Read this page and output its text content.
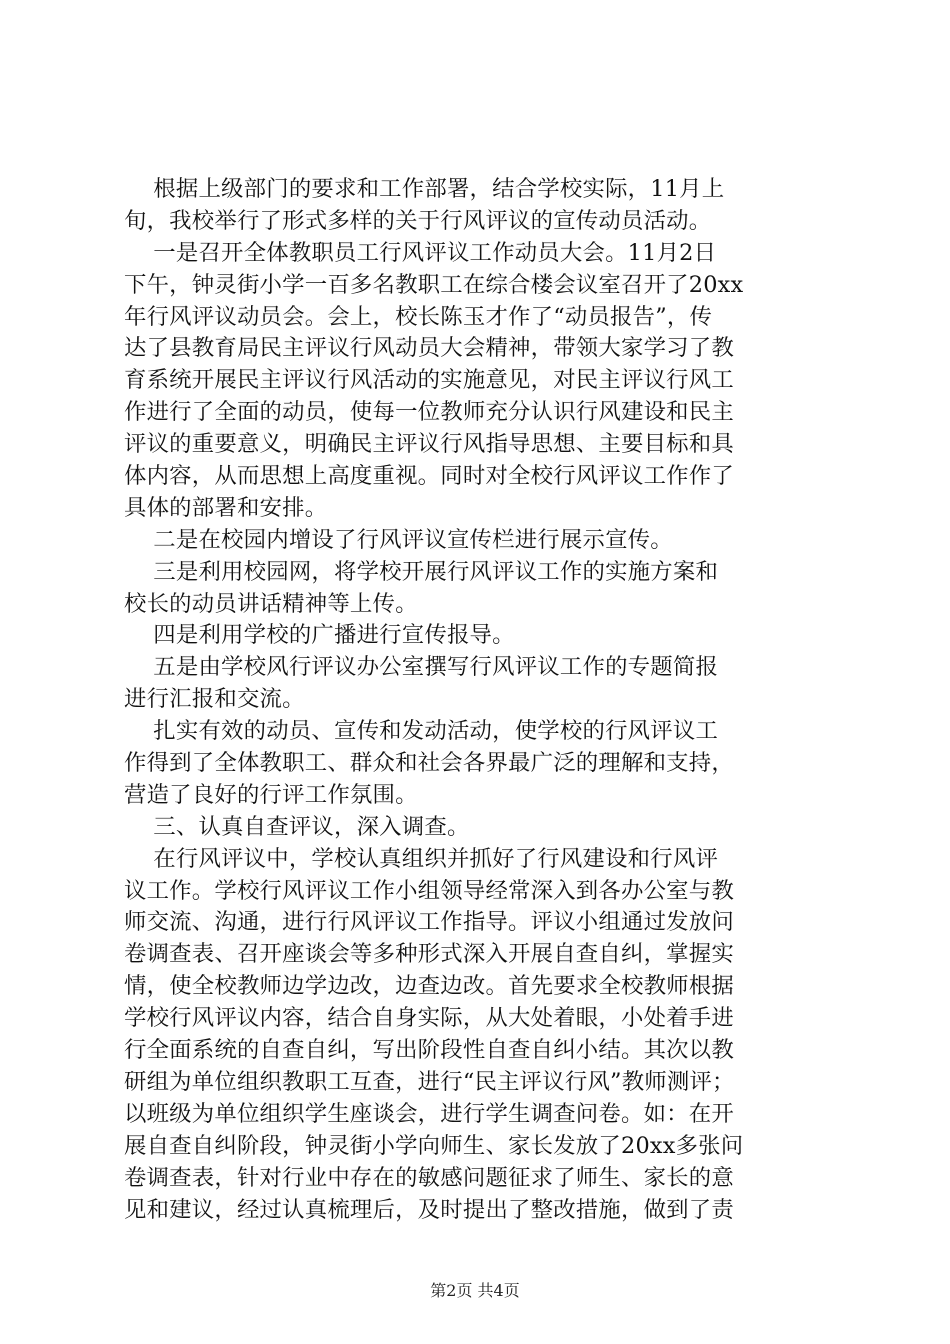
根据上级部门的要求和工作部署，结合学校实际，11月上
旬，我校举行了形式多样的关于行风评议的宣传动员活动。
一是召开全体教职员工行风评议工作动员大会。11月2日
下午，钟灵街小学一百多名教职工在综合楼会议室召开了20xx
年行风评议动员会。会上，校长陈玉才作了“动员报告”，传
达了县教育局民主评议行风动员大会精神，带领大家学习了教
育系统开展民主评议行风活动的实施意见，对民主评议行风工
作进行了全面的动员，使每一位教师充分认识行风建设和民主
评议的重要意义，明确民主评议行风指导思想、主要目标和具
体内容，从而思想上高度重视。同时对全校行风评议工作作了
具体的部署和安排。
二是在校园内增设了行风评议宣传栏进行展示宣传。
三是利用校园网，将学校开展行风评议工作的实施方案和
校长的动员讲话精神等上传。
四是利用学校的广播进行宣传报导。
五是由学校风行评议办公室撰写行风评议工作的专题简报
进行汇报和交流。
扎实有效的动员、宣传和发动活动，使学校的行风评议工
作得到了全体教职工、群众和社会各界最广泛的理解和支持，
营造了良好的行评工作氛围。
三、认真自查评议，深入调查。
在行风评议中，学校认真组织并抓好了行风建设和行风评
议工作。学校行风评议工作小组领导经常深入到各办公室与教
师交流、沟通，进行行风评议工作指导。评议小组通过发放问
卷调查表、召开座谈会等多种形式深入开展自查自纠，掌握实
情，使全校教师边学边改，边查边改。首先要求全校教师根据
学校行风评议内容，结合自身实际，从大处着眼，小处着手进
行全面系统的自查自纠，写出阶段性自查自纠小结。其次以教
研组为单位组织教职工互查，进行“民主评议行风”教师测评；
以班级为单位组织学生座谈会，进行学生调查问卷。如：在开
展自查自纠阶段，钟灵街小学向师生、家长发放了20xx多张问
卷调查表，针对行业中存在的敏感问题征求了师生、家长的意
见和建议，经过认真梳理后，及时提出了整改措施，做到了责
第2页 共4页
